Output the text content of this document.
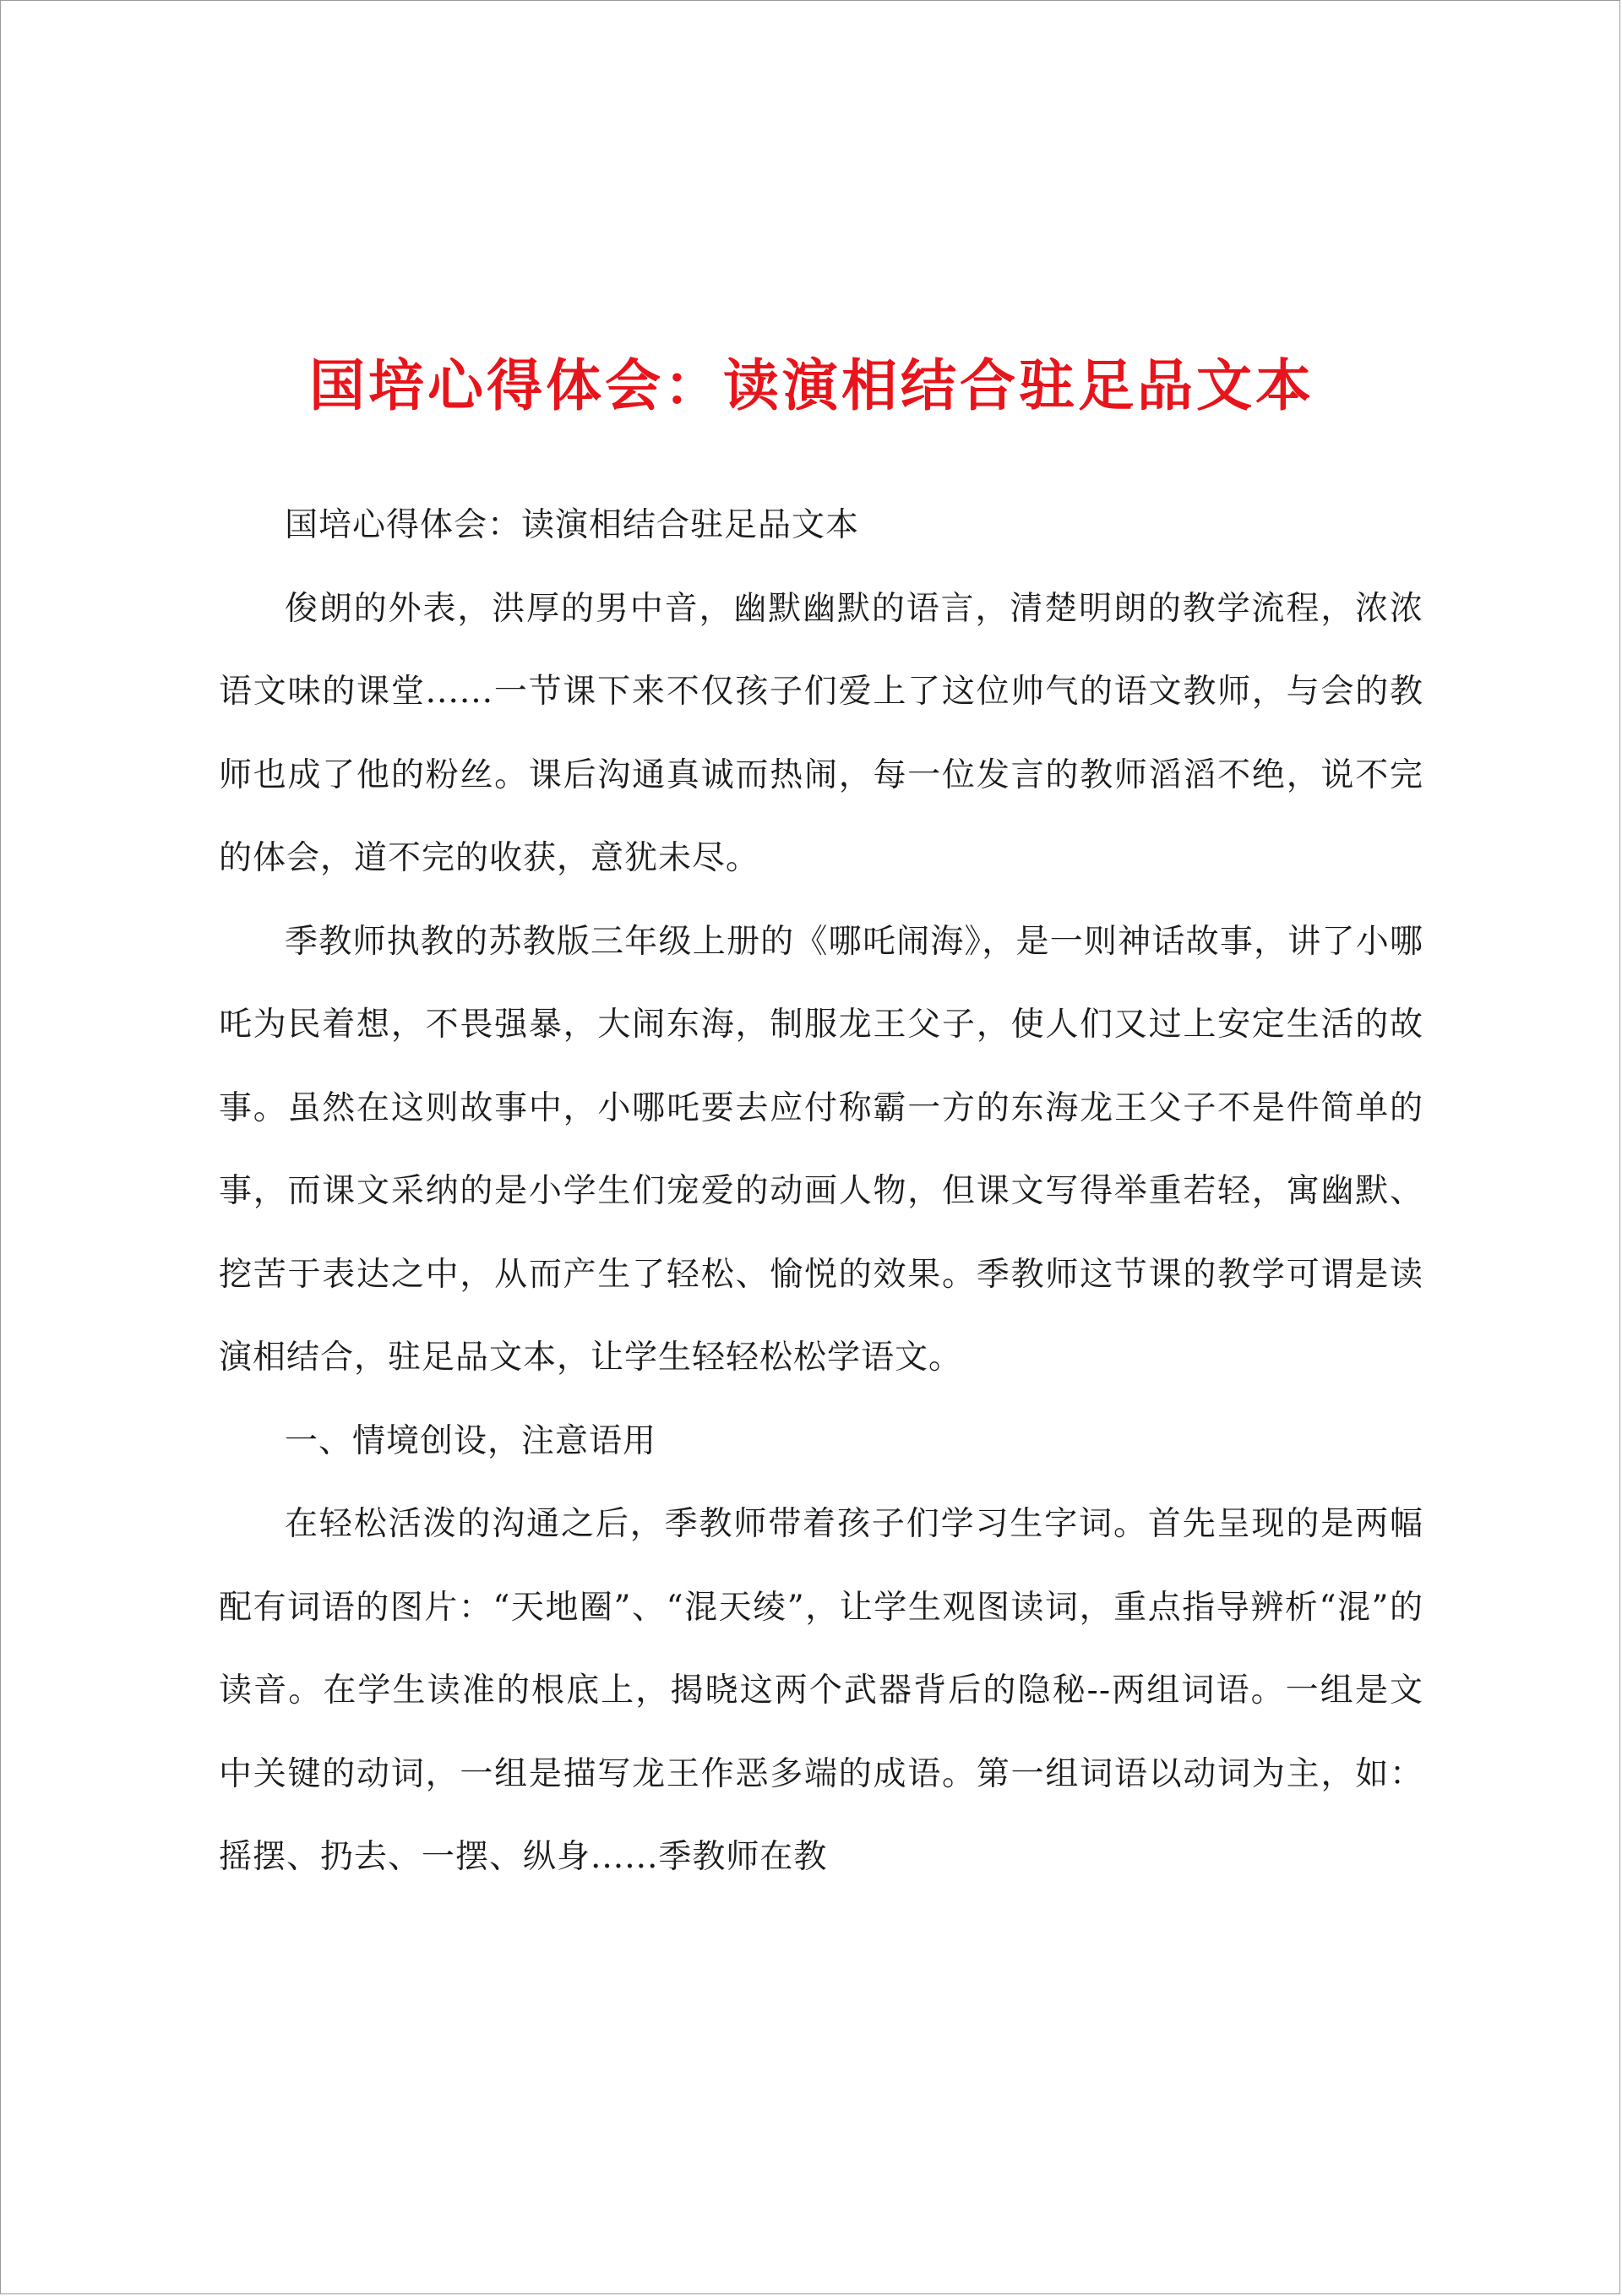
国培心得体会：读演相结合驻足品文本

国培心得体会：读演相结合驻足品文本

俊朗的外表，洪厚的男中音，幽默幽默的语言，清楚明朗的教学流程，浓浓语文味的课堂......一节课下来不仅孩子们爱上了这位帅气的语文教师，与会的教师也成了他的粉丝。课后沟通真诚而热闹，每一位发言的教师滔滔不绝，说不完的体会，道不完的收获，意犹未尽。

季教师执教的苏教版三年级上册的《哪吒闹海》，是一则神话故事，讲了小哪吒为民着想，不畏强暴，大闹东海，制服龙王父子，使人们又过上安定生活的故事。虽然在这则故事中，小哪吒要去应付称霸一方的东海龙王父子不是件简单的事，而课文采纳的是小学生们宠爱的动画人物，但课文写得举重若轻，寓幽默、挖苦于表达之中，从而产生了轻松、愉悦的效果。季教师这节课的教学可谓是读演相结合，驻足品文本，让学生轻轻松松学语文。

一、情境创设，注意语用

在轻松活泼的沟通之后，季教师带着孩子们学习生字词。首先呈现的是两幅配有词语的图片：“天地圈”、“混天绫”，让学生观图读词，重点指导辨析“混”的读音。在学生读准的根底上，揭晓这两个武器背后的隐秘--两组词语。一组是文中关键的动词，一组是描写龙王作恶多端的成语。第一组词语以动词为主，如：摇摆、扔去、一摆、纵身......季教师在教
